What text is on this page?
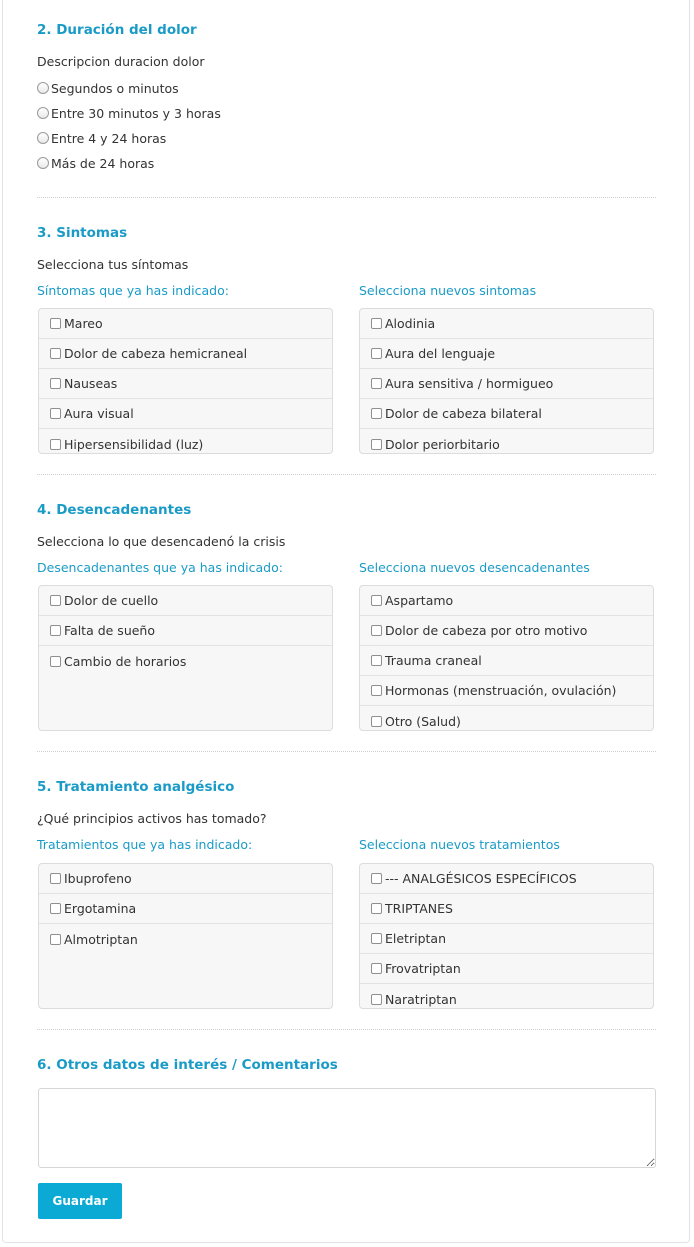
2. Duración del dolor
Descripcion duracion dolor
Segundos o minutos
Entre 30 minutos y 3 horas
Entre 4 y 24 horas
Más de 24 horas
3. Sintomas
Selecciona tus síntomas
Síntomas que ya has indicado:	Selecciona nuevos sintomas
Mareo
Dolor de cabeza hemicraneal
Nauseas
Aura visual
Hipersensibilidad (luz)
Alodinia
Aura del lenguaje
Aura sensitiva / hormigueo
Dolor de cabeza bilateral
Dolor periorbitario
4. Desencadenantes
Selecciona lo que desencadenó la crisis
Desencadenantes que ya has indicado:	Selecciona nuevos desencadenantes
Dolor de cuello
Falta de sueño
Cambio de horarios
Aspartamo
Dolor de cabeza por otro motivo
Trauma craneal
Hormonas (menstruación, ovulación)
Otro (Salud)
5. Tratamiento analgésico
¿Qué principios activos has tomado?
Tratamientos que ya has indicado:	Selecciona nuevos tratamientos
Ibuprofeno
Ergotamina
Almotriptan
--- ANALGÉSICOS ESPECÍFICOS
TRIPTANES
Eletriptan
Frovatriptan
Naratriptan
6. Otros datos de interés / Comentarios
Guardar
